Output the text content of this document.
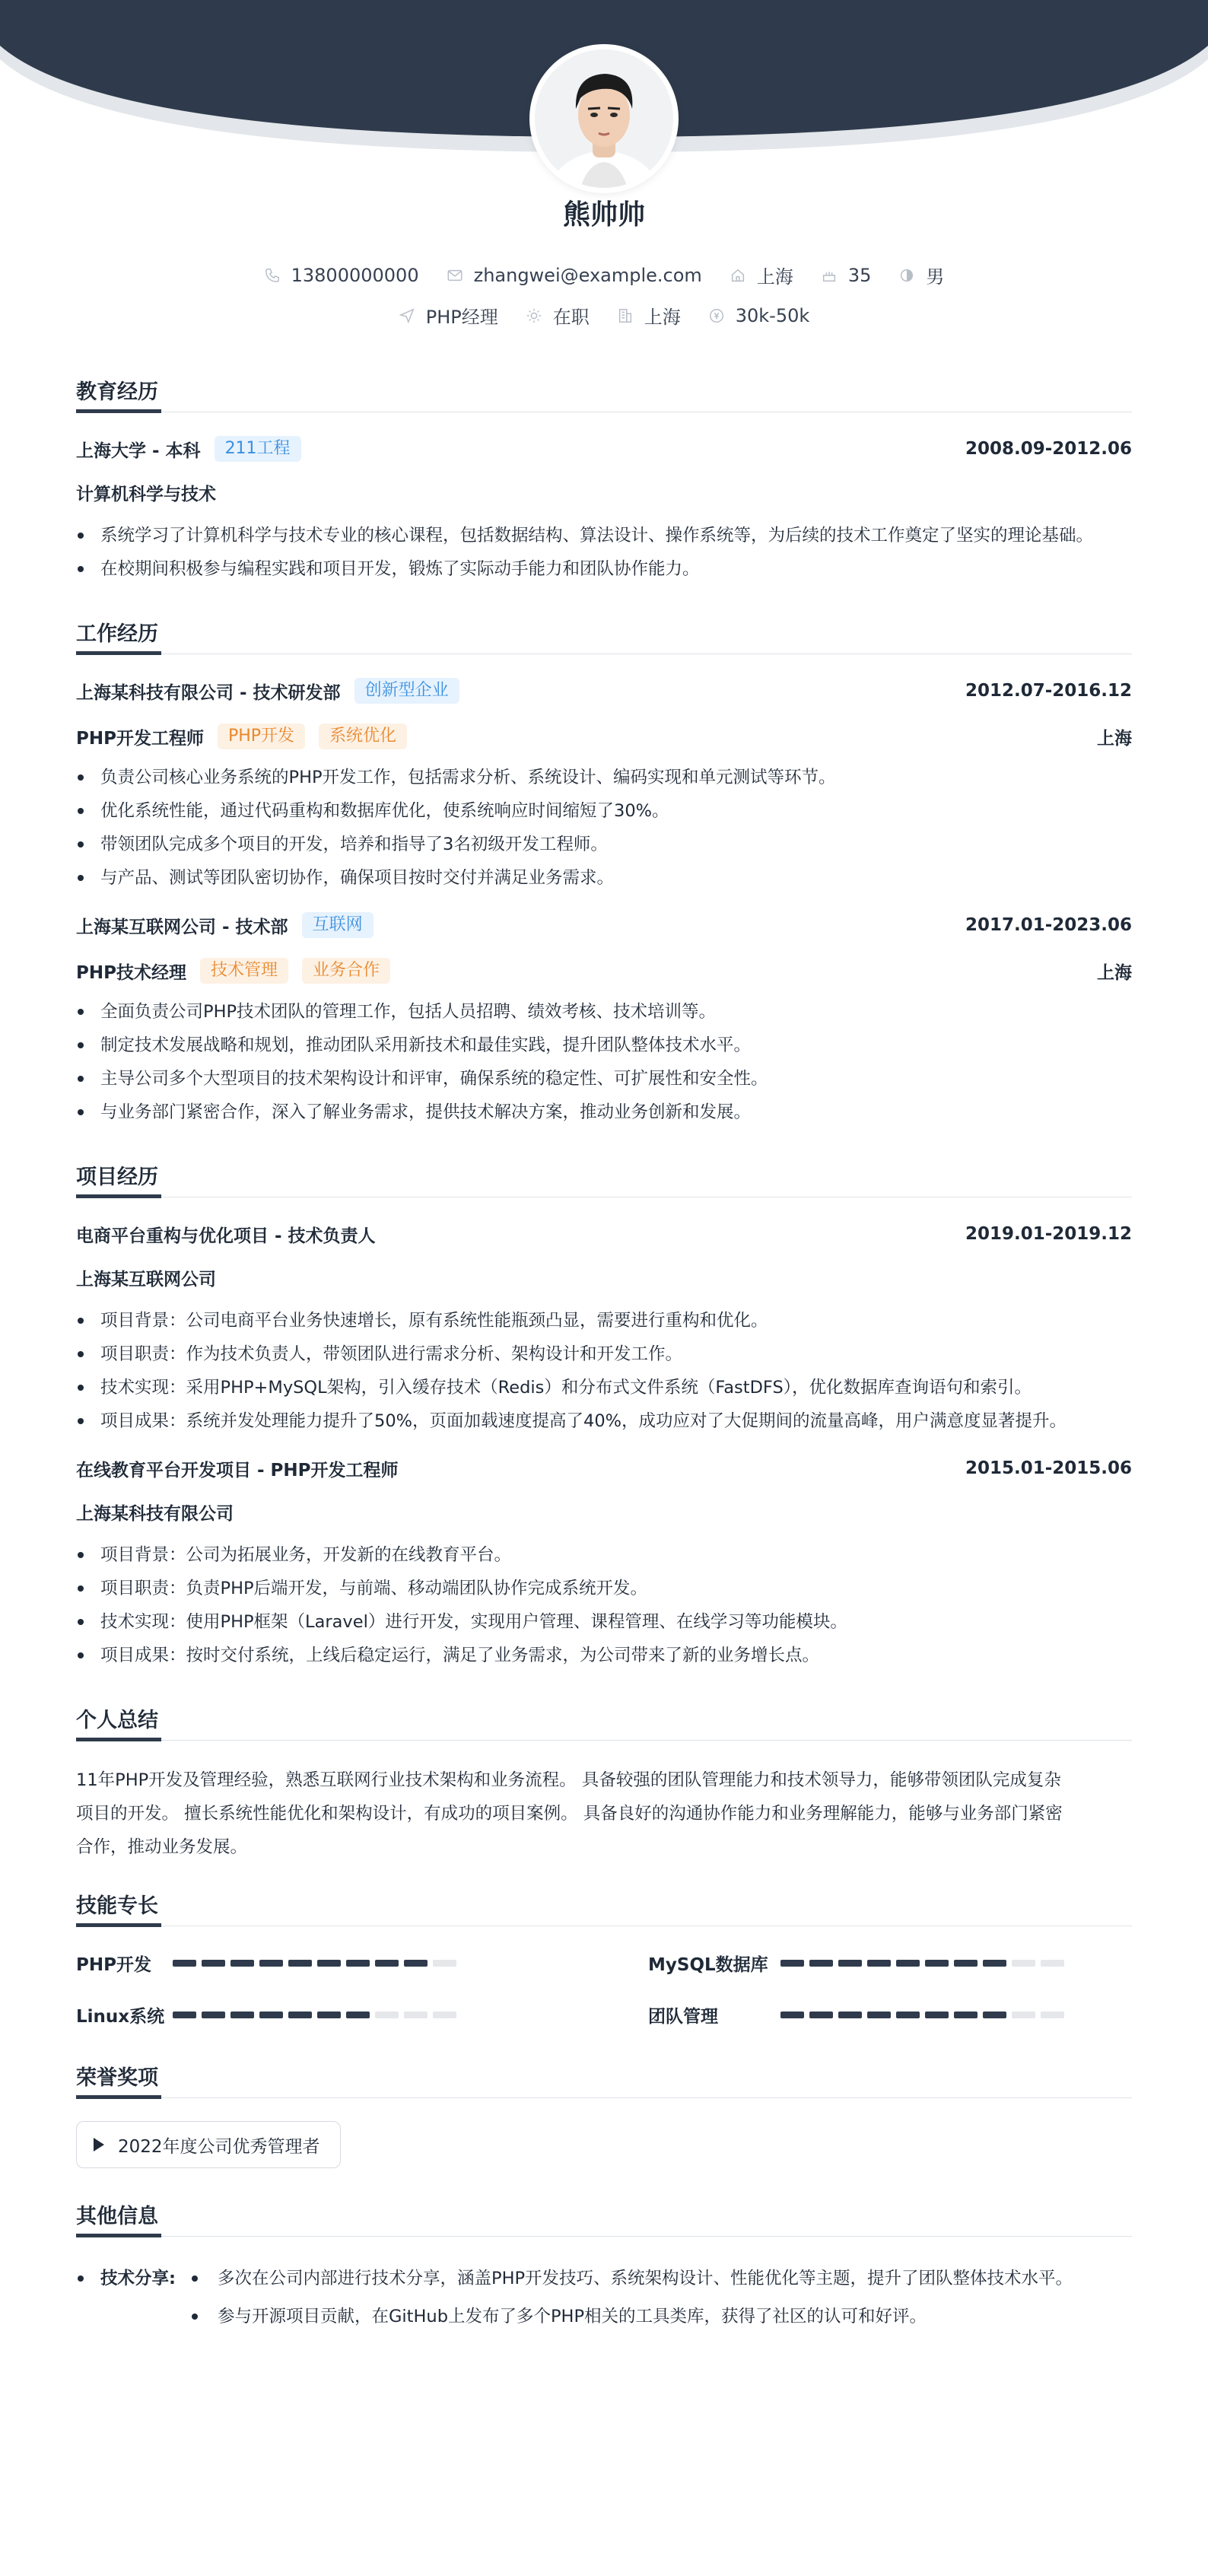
熊帅帅
13800000000	zhangwei@example.com	上海	35	男
PHP经理	在职	上海	30k-50k
教育经历
上海大学 - 本科	211工程	2008.09-2012.06
计算机科学与技术
系统学习了计算机科学与技术专业的核心课程，包括数据结构、算法设计、操作系统等，为后续的技术工作奠定了坚实的理论基础。
在校期间积极参与编程实践和项目开发，锻炼了实际动手能力和团队协作能力。
工作经历
上海某科技有限公司 - 技术研发部	创新型企业	2012.07-2016.12
PHP开发工程师	PHP开发	系统优化	上海
负责公司核心业务系统的PHP开发工作，包括需求分析、系统设计、编码实现和单元测试等环节。
优化系统性能，通过代码重构和数据库优化，使系统响应时间缩短了30%。
带领团队完成多个项目的开发，培养和指导了3名初级开发工程师。
与产品、测试等团队密切协作，确保项目按时交付并满足业务需求。
上海某互联网公司 - 技术部	互联网	2017.01-2023.06
PHP技术经理	技术管理	业务合作	上海
全面负责公司PHP技术团队的管理工作，包括人员招聘、绩效考核、技术培训等。
制定技术发展战略和规划，推动团队采用新技术和最佳实践，提升团队整体技术水平。
主导公司多个大型项目的技术架构设计和评审，确保系统的稳定性、可扩展性和安全性。
与业务部门紧密合作，深入了解业务需求，提供技术解决方案，推动业务创新和发展。
项目经历
电商平台重构与优化项目 - 技术负责人	2019.01-2019.12
上海某互联网公司
项目背景：公司电商平台业务快速增长，原有系统性能瓶颈凸显，需要进行重构和优化。
项目职责：作为技术负责人，带领团队进行需求分析、架构设计和开发工作。
技术实现：采用PHP+MySQL架构，引入缓存技术（Redis）和分布式文件系统（FastDFS），优化数据库查询语句和索引。
项目成果：系统并发处理能力提升了50%，页面加载速度提高了40%，成功应对了大促期间的流量高峰，用户满意度显著提升。
在线教育平台开发项目 - PHP开发工程师	2015.01-2015.06
上海某科技有限公司
项目背景：公司为拓展业务，开发新的在线教育平台。
项目职责：负责PHP后端开发，与前端、移动端团队协作完成系统开发。
技术实现：使用PHP框架（Laravel）进行开发，实现用户管理、课程管理、在线学习等功能模块。
项目成果：按时交付系统，上线后稳定运行，满足了业务需求，为公司带来了新的业务增长点。
个人总结
11年PHP开发及管理经验，熟悉互联网行业技术架构和业务流程。 具备较强的团队管理能力和技术领导力，能够带领团队完成复杂
项目的开发。 擅长系统性能优化和架构设计，有成功的项目案例。 具备良好的沟通协作能力和业务理解能力，能够与业务部门紧密
合作，推动业务发展。
技能专长
PHP开发	MySQL数据库
Linux系统	团队管理
荣誉奖项
2022年度公司优秀管理者
其他信息
技术分享:	多次在公司内部进行技术分享，涵盖PHP开发技巧、系统架构设计、性能优化等主题，提升了团队整体技术水平。
参与开源项目贡献，在GitHub上发布了多个PHP相关的工具类库，获得了社区的认可和好评。
